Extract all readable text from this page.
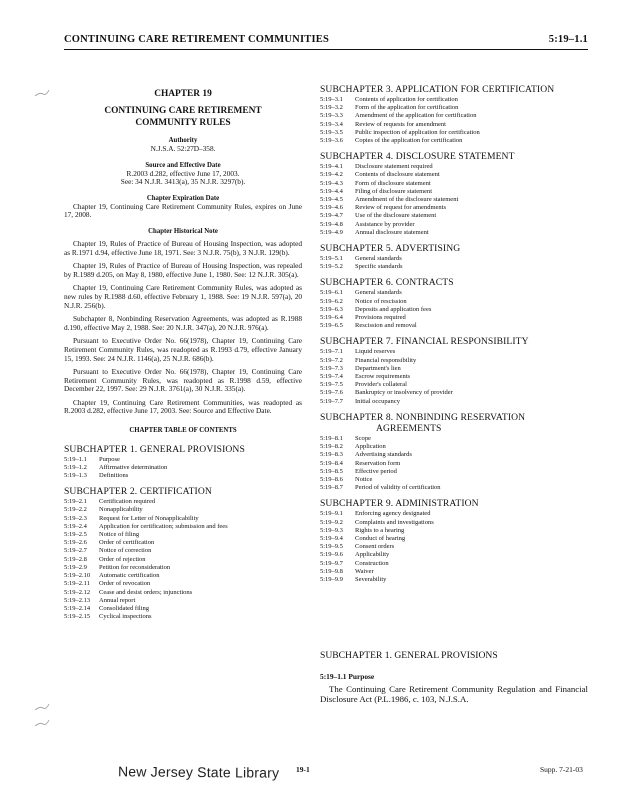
CONTINUING CARE RETIREMENT COMMUNITIES	5:19–1.1
CHAPTER 19
CONTINUING CARE RETIREMENT
COMMUNITY RULES
Authority
N.J.S.A. 52:27D–358.
Source and Effective Date
R.2003 d.282, effective June 17, 2003.
See: 34 N.J.R. 3413(a), 35 N.J.R. 3297(b).
Chapter Expiration Date

Chapter 19, Continuing Care Retirement Community Rules, expires on June 17, 2008.

Chapter Historical Note

Chapter 19, Rules of Practice of Bureau of Housing Inspection, was adopted as R.1971 d.94, effective June 18, 1971. See: 3 N.J.R. 75(b), 3 N.J.R. 129(b).

Chapter 19, Rules of Practice of Bureau of Housing Inspection, was repealed by R.1989 d.205, on May 8, 1980, effective June 1, 1980. See: 12 N.J.R. 305(a).

Chapter 19, Continuing Care Retirement Community Rules, was adopted as new rules by R.1988 d.60, effective February 1, 1988. See: 19 N.J.R. 597(a), 20 N.J.R. 256(b).

Subchapter 8, Nonbinding Reservation Agreements, was adopted as R.1988 d.190, effective May 2, 1988. See: 20 N.J.R. 347(a), 20 N.J.R. 976(a).

Pursuant to Executive Order No. 66(1978), Chapter 19, Continuing Care Retirement Community Rules, was readopted as R.1993 d.79, effective January 15, 1993. See: 24 N.J.R. 1146(a), 25 N.J.R. 686(b).

Pursuant to Executive Order No. 66(1978), Chapter 19, Continuing Care Retirement Community Rules, was readopted as R.1998 d.59, effective December 22, 1997. See: 29 N.J.R. 3761(a), 30 N.J.R. 335(a).

Chapter 19, Continuing Care Retirement Communities, was readopted as R.2003 d.282, effective June 17, 2003. See: Source and Effective Date.

CHAPTER TABLE OF CONTENTS
SUBCHAPTER 1. GENERAL PROVISIONS
5:19–1.1 Purpose
5:19–1.2 Affirmative determination
5:19–1.3 Definitions
SUBCHAPTER 2. CERTIFICATION
5:19–2.1 Certification required
5:19–2.2 Nonapplicability
5:19–2.3 Request for Letter of Nonapplicability
5:19–2.4 Application for certification; submission and fees
5:19–2.5 Notice of filing
5:19–2.6 Order of certification
5:19–2.7 Notice of correction
5:19–2.8 Order of rejection
5:19–2.9 Petition for reconsideration
5:19–2.10 Automatic certification
5:19–2.11 Order of revocation
5:19–2.12 Cease and desist orders; injunctions
5:19–2.13 Annual report
5:19–2.14 Consolidated filing
5:19–2.15 Cyclical inspections
SUBCHAPTER 3. APPLICATION FOR CERTIFICATION
5:19–3.1 Contents of application for certification
5:19–3.2 Form of the application for certification
5:19–3.3 Amendment of the application for certification
5:19–3.4 Review of requests for amendment
5:19–3.5 Public inspection of application for certification
5:19–3.6 Copies of the application for certification
SUBCHAPTER 4. DISCLOSURE STATEMENT
5:19–4.1 Disclosure statement required
5:19–4.2 Contents of disclosure statement
5:19–4.3 Form of disclosure statement
5:19–4.4 Filing of disclosure statement
5:19–4.5 Amendment of the disclosure statement
5:19–4.6 Review of request for amendments
5:19–4.7 Use of the disclosure statement
5:19–4.8 Assistance by provider
5:19–4.9 Annual disclosure statement
SUBCHAPTER 5. ADVERTISING
5:19–5.1 General standards
5:19–5.2 Specific standards
SUBCHAPTER 6. CONTRACTS
5:19–6.1 General standards
5:19–6.2 Notice of rescission
5:19–6.3 Deposits and application fees
5:19–6.4 Provisions required
5:19–6.5 Rescission and removal
SUBCHAPTER 7. FINANCIAL RESPONSIBILITY
5:19–7.1 Liquid reserves
5:19–7.2 Financial responsibility
5:19–7.3 Department's lien
5:19–7.4 Escrow requirements
5:19–7.5 Provider's collateral
5:19–7.6 Bankruptcy or insolvency of provider
5:19–7.7 Initial occupancy
SUBCHAPTER 8. NONBINDING RESERVATION
AGREEMENTS
5:19–8.1 Scope
5:19–8.2 Application
5:19–8.3 Advertising standards
5:19–8.4 Reservation form
5:19–8.5 Effective period
5:19–8.6 Notice
5:19–8.7 Period of validity of certification
SUBCHAPTER 9. ADMINISTRATION
5:19–9.1 Enforcing agency designated
5:19–9.2 Complaints and investigations
5:19–9.3 Rights to a hearing
5:19–9.4 Conduct of hearing
5:19–9.5 Consent orders
5:19–9.6 Applicability
5:19–9.7 Construction
5:19–9.8 Waiver
5:19–9.9 Severability
SUBCHAPTER 1. GENERAL PROVISIONS
5:19–1.1 Purpose
The Continuing Care Retirement Community Regulation and Financial Disclosure Act (P.L.1986, c. 103, N.J.S.A.
New Jersey State Library 19-1	Supp. 7-21-03
